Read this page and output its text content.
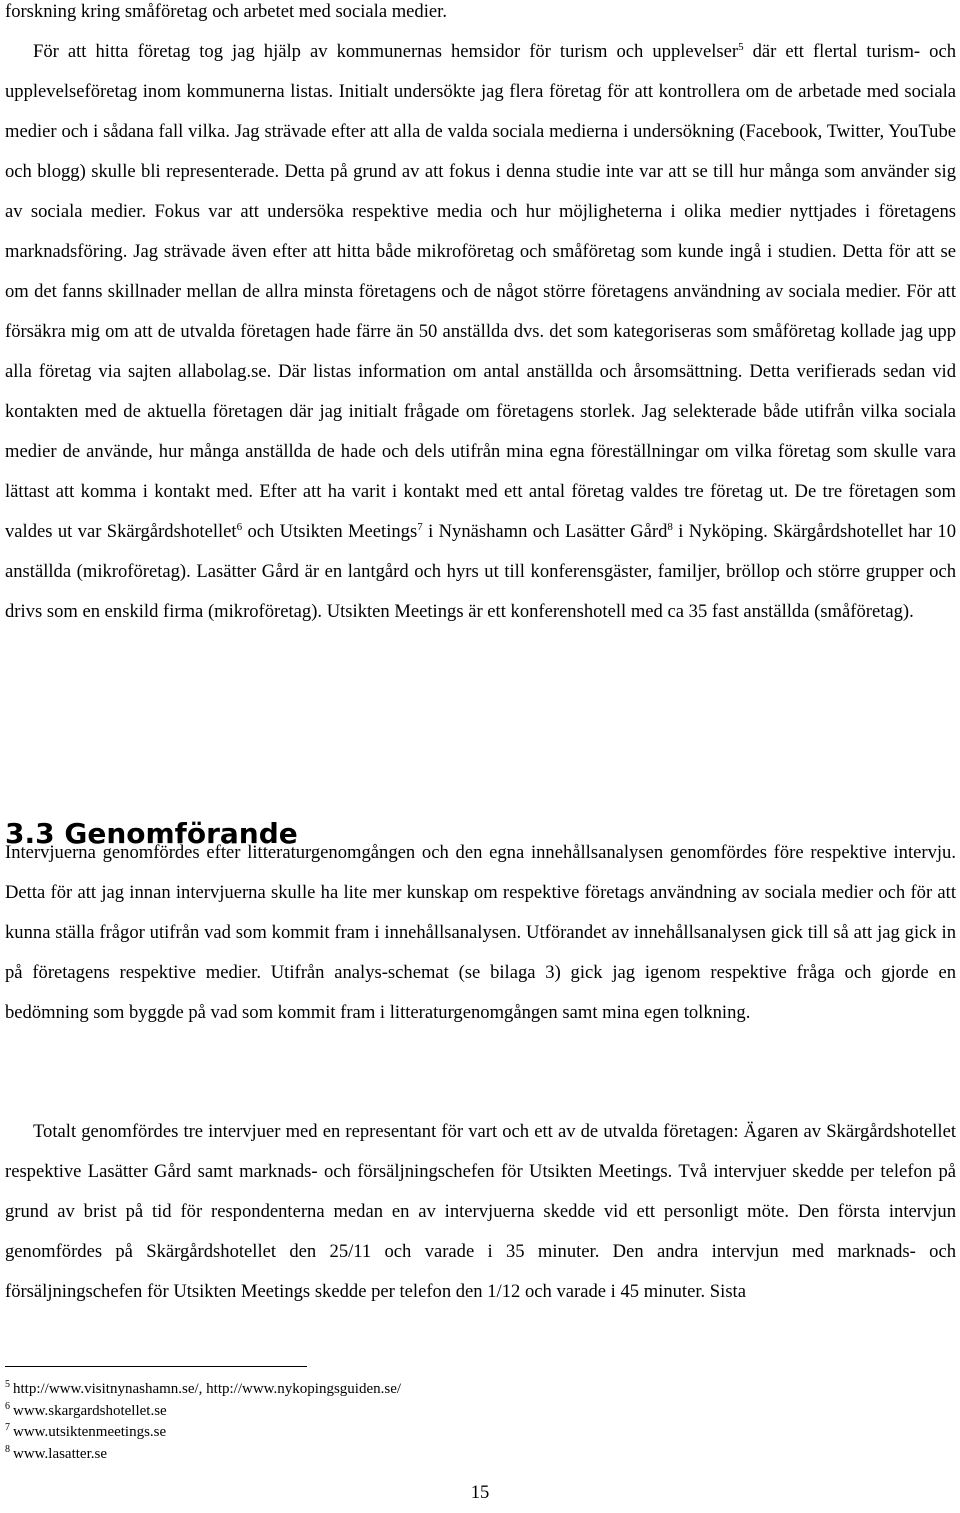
forskning kring småföretag och arbetet med sociala medier.
För att hitta företag tog jag hjälp av kommunernas hemsidor för turism och upplevelser$^5$ där ett flertal turism- och upplevelseföretag inom kommunerna listas. Initialt undersökte jag flera företag för att kontrollera om de arbetade med sociala medier och i sådana fall vilka. Jag strävade efter att alla de valda sociala medierna i undersökning (Facebook, Twitter, YouTube och blogg) skulle bli representerade. Detta på grund av att fokus i denna studie inte var att se till hur många som använder sig av sociala medier. Fokus var att undersöka respektive media och hur möjligheterna i olika medier nyttjades i företagens marknadsföring. Jag strävade även efter att hitta både mikroföretag och småföretag som kunde ingå i studien. Detta för att se om det fanns skillnader mellan de allra minsta företagens och de något större företagens användning av sociala medier. För att försäkra mig om att de utvalda företagen hade färre än 50 anställda dvs. det som kategoriseras som småföretag kollade jag upp alla företag via sajten allabolag.se. Där listas information om antal anställda och årsomsättning. Detta verifierads sedan vid kontakten med de aktuella företagen där jag initialt frågade om företagens storlek. Jag selekterade både utifrån vilka sociala medier de använde, hur många anställda de hade och dels utifrån mina egna föreställningar om vilka företag som skulle vara lättast att komma i kontakt med. Efter att ha varit i kontakt med ett antal företag valdes tre företag ut. De tre företagen som valdes ut var Skärgårdshotellet$^6$ och Utsikten Meetings$^7$ i Nynäshamn och Lasätter Gård$^8$ i Nyköping. Skärgårdshotellet har 10 anställda (mikroföretag). Lasätter Gård är en lantgård och hyrs ut till konferensgäster, familjer, bröllop och större grupper och drivs som en enskild firma (mikroföretag). Utsikten Meetings är ett konferenshotell med ca 35 fast anställda (småföretag).

3.3 Genomförande

Intervjuerna genomfördes efter litteraturgenomgången och den egna innehållsanalysen genomfördes före respektive intervju. Detta för att jag innan intervjuerna skulle ha lite mer kunskap om respektive företags användning av sociala medier och för att kunna ställa frågor utifrån vad som kommit fram i innehållsanalysen. Utförandet av innehållsanalysen gick till så att jag gick in på företagens respektive medier. Utifrån analys-schemat (se bilaga 3) gick jag igenom respektive fråga och gjorde en bedömning som byggde på vad som kommit fram i litteraturgenomgången samt mina egen tolkning.

Totalt genomfördes tre intervjuer med en representant för vart och ett av de utvalda företagen: Ägaren av Skärgårdshotellet respektive Lasätter Gård samt marknads- och försäljningschefen för Utsikten Meetings. Två intervjuer skedde per telefon på grund av brist på tid för respondenterna medan en av intervjuerna skedde vid ett personligt möte. Den första intervjun genomfördes på Skärgårdshotellet den 25/11 och varade i 35 minuter. Den andra intervjun med marknads- och försäljningschefen för Utsikten Meetings skedde per telefon den 1/12 och varade i 45 minuter. Sista

$^5$ http://www.visitnynashamn.se/, http://www.nykopingsguiden.se/
$^6$ www.skargardshotellet.se
$^7$ www.utsiktenmeetings.se
$^8$ www.lasatter.se
15
